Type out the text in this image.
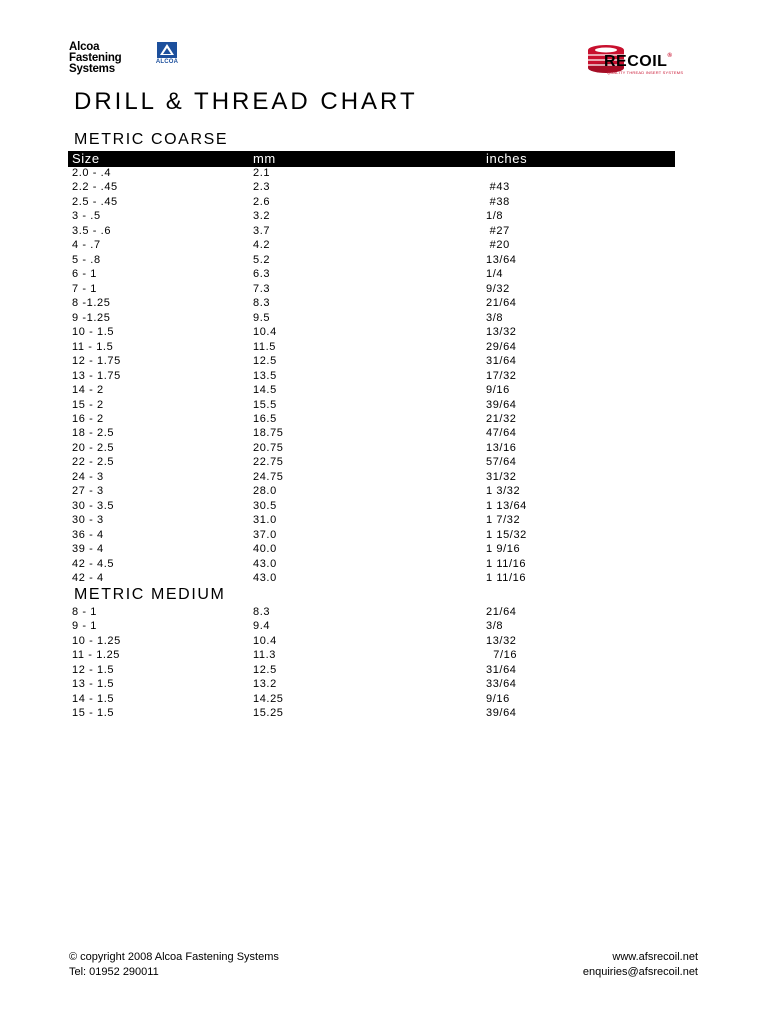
Alcoa
Fastening
Systems
ALCOA	RECOIL®
QUALITY THREAD INSERT SYSTEMS
DRILL & THREAD CHART
METRIC COARSE
Size	mm	inches
2.0 - .4	2.1
2.2 - .45	2.3	#43
2.5 - .45	2.6	#38
3 - .5	3.2	1/8
3.5 - .6	3.7	#27
4 - .7	4.2	#20
5 - .8	5.2	13/64
6 - 1	6.3	1/4
7 - 1	7.3	9/32
8 -1.25	8.3	21/64
9 -1.25	9.5	3/8
10 - 1.5	10.4	13/32
11 - 1.5	11.5	29/64
12 - 1.75	12.5	31/64
13 - 1.75	13.5	17/32
14 - 2	14.5	9/16
15 - 2	15.5	39/64
16 - 2	16.5	21/32
18 - 2.5	18.75	47/64
20 - 2.5	20.75	13/16
22 - 2.5	22.75	57/64
24 - 3	24.75	31/32
27 - 3	28.0	1 3/32
30 - 3.5	30.5	1 13/64
30 - 3	31.0	1 7/32
36 - 4	37.0	1 15/32
39 - 4	40.0	1 9/16
42 - 4.5	43.0	1 11/16
42 - 4	43.0	1 11/16
METRIC MEDIUM
8 - 1	8.3	21/64
9 - 1	9.4	3/8
10 - 1.25	10.4	13/32
11 - 1.25	11.3	7/16
12 - 1.5	12.5	31/64
13 - 1.5	13.2	33/64
14 - 1.5	14.25	9/16
15 - 1.5	15.25	39/64
© copyright 2008 Alcoa Fastening Systems
Tel: 01952 290011
www.afsrecoil.net
enquiries@afsrecoil.net
